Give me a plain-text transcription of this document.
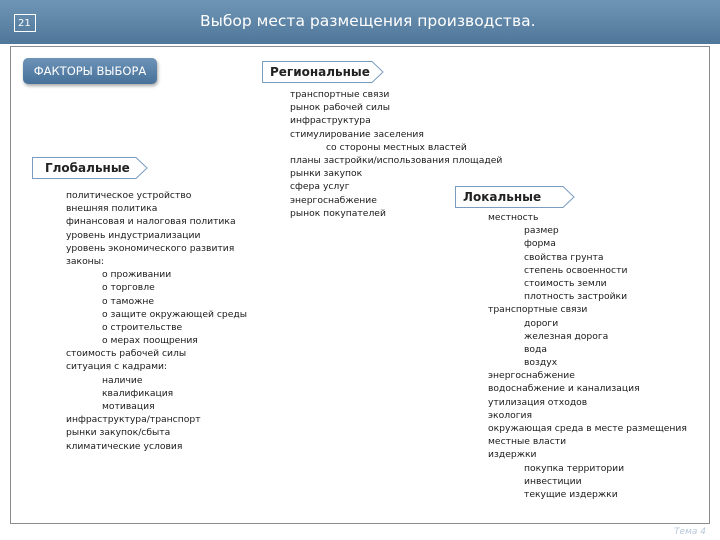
21	Выбор места размещения производства.
ФАКТОРЫ ВЫБОРА	Региональные
Глобальные
Локальные
транспортные связи
рынок рабочей силы
инфраструктура
стимулирование заселения
со стороны местных властей
планы застройки/использования площадей
рынки закупок
сфера услуг
энергоснабжение
рынок покупателей
политическое устройство
внешняя политика
финансовая и налоговая политика
уровень индустриализации
уровень экономического развития
законы:
о проживании
о торговле
о таможне
о защите окружающей среды
о строительстве
о мерах поощрения
стоимость рабочей силы
ситуация с кадрами:
наличие
квалификация
мотивация
инфраструктура/транспорт
рынки закупок/сбыта
климатические условия
местность
размер
форма
свойства грунта
степень освоенности
стоимость земли
плотность застройки
транспортные связи
дороги
железная дорога
вода
воздух
энергоснабжение
водоснабжение и канализация
утилизация отходов
экология
окружающая среда в месте размещения
местные власти
издержки
покупка территории
инвестиции
текущие издержки
Тема 4
